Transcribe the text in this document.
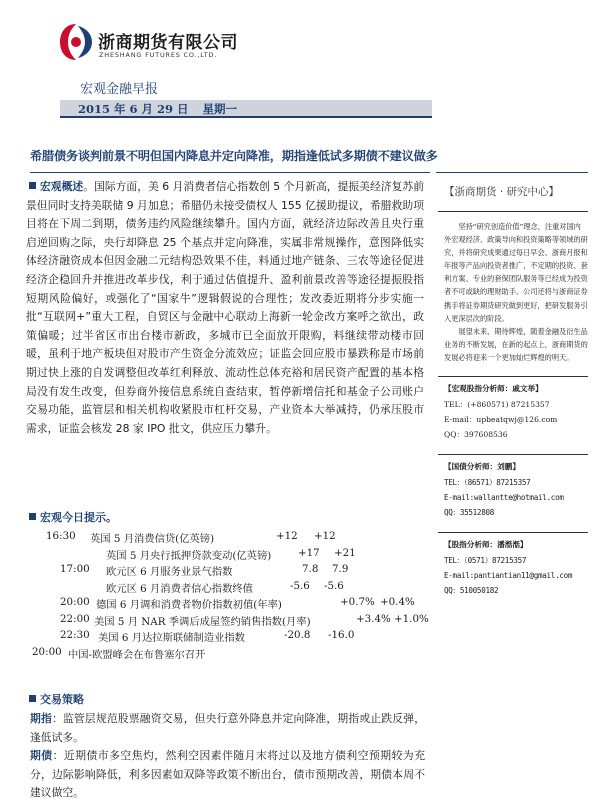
浙商期货有限公司
ZHESHANG FUTURES CO.,LTD.
宏观金融早报
2015 年 6 月 29 日 星期一
希腊债务谈判前景不明但国内降息并定向降准，期指逢低试多期债不建议做多

宏观概述。国际方面，美 6 月消费者信心指数创 5 个月新高，提振美经济复苏前景但同时支持美联储 9 月加息；希腊仍未接受债权人 155 亿援助提议，希腊救助项目将在下周二到期，债务违约风险继续攀升。国内方面，就经济边际改善且央行重启逆回购之际，央行却降息 25 个基点并定向降准，实属非常规操作，意图降低实体经济融资成本但因金融二元结构恐效果不佳，料通过地产链条、三农等途径促进经济企稳回升并推进改革步伐，利于通过估值提升、盈利前景改善等途径提振股指短期风险偏好，或强化了“国家牛”逻辑假说的合理性；发改委近期将分步实施一批“互联网+”重大工程，自贸区与金融中心联动上海新一轮金改方案呼之欲出，政策偏暖；过半省区市出台楼市新政，多城市已全面放开限购，料继续带动楼市回暖，虽利于地产板块但对股市产生资金分流效应；证监会回应股市暴跌称是市场前期过快上涨的自发调整但改革红利释放、流动性总体充裕和居民资产配置的基本格局没有发生改变，但券商外接信息系统自查结束，暂停新增信托和基金子公司账户交易功能，监管层和相关机构收紧股市杠杆交易，产业资本大举减持，仍承压股市需求，证监会核发 28 家 IPO 批文，供应压力攀升。

宏观今日提示。
16:30 英国 5 月消费信贷(亿英镑)	+12 +12
英国 5 月央行抵押贷款变动(亿英镑)	+17 +21
17:00 欧元区 6 月服务业景气指数	7.8 7.9
欧元区 6 月消费者信心指数终值	-5.6 -5.6
20:00 德国 6 月调和消费者物价指数初值(年率)	+0.7% +0.4%
22:00 美国 5 月 NAR 季调后成屋签约销售指数(月率)	+3.4% +1.0%
22:30 美国 6 月达拉斯联储制造业指数	-20.8 -16.0
20:00 中国-欧盟峰会在布鲁塞尔召开
交易策略

期指：监管层规范股票融资交易，但央行意外降息并定向降准，期指或止跌反弹，逢低试多。

期债：近期债市多空焦灼，然利空因素伴随月末将过以及地方债利空预期较为充分，边际影响降低，利多因素如双降等政策不断出台，债市预期改善，期债本周不建议做空。

【浙商期货 · 研究中心】

坚持“研究创造价值”理念，注重对国内外宏观经济、政策导向和投资策略等领域的研究，并将研究成果通过每日早会、浙商月报和年报等产品向投资者推广，不定期的投资、套利方案、专业的套保团队服务等已经成为投资者不可或缺的理财助手。公司还将与浙商证券携手将证券期货研究做到更好，把研发服务引入更深层次的阶段。

展望未来、期待辉煌，随着金融及衍生品业务的不断发展，在新的起点上，浙商期货的发展必将迎来一个更加灿烂辉煌的明天。

【宏观股指分析师：戚文举】
TEL：(+860571) 87215357
E-mail：upbeatqwj@126.com
QQ：397608536
【国债分析师：刘鹏】
TEL：（86571）87215357
E-mail:wallantte@hotmail.com
QQ：35512808
【股指分析师：潘湉湉】
TEL：（0571）87215357
E-mail:pantiantian11@gmail.com
QQ：510050182
